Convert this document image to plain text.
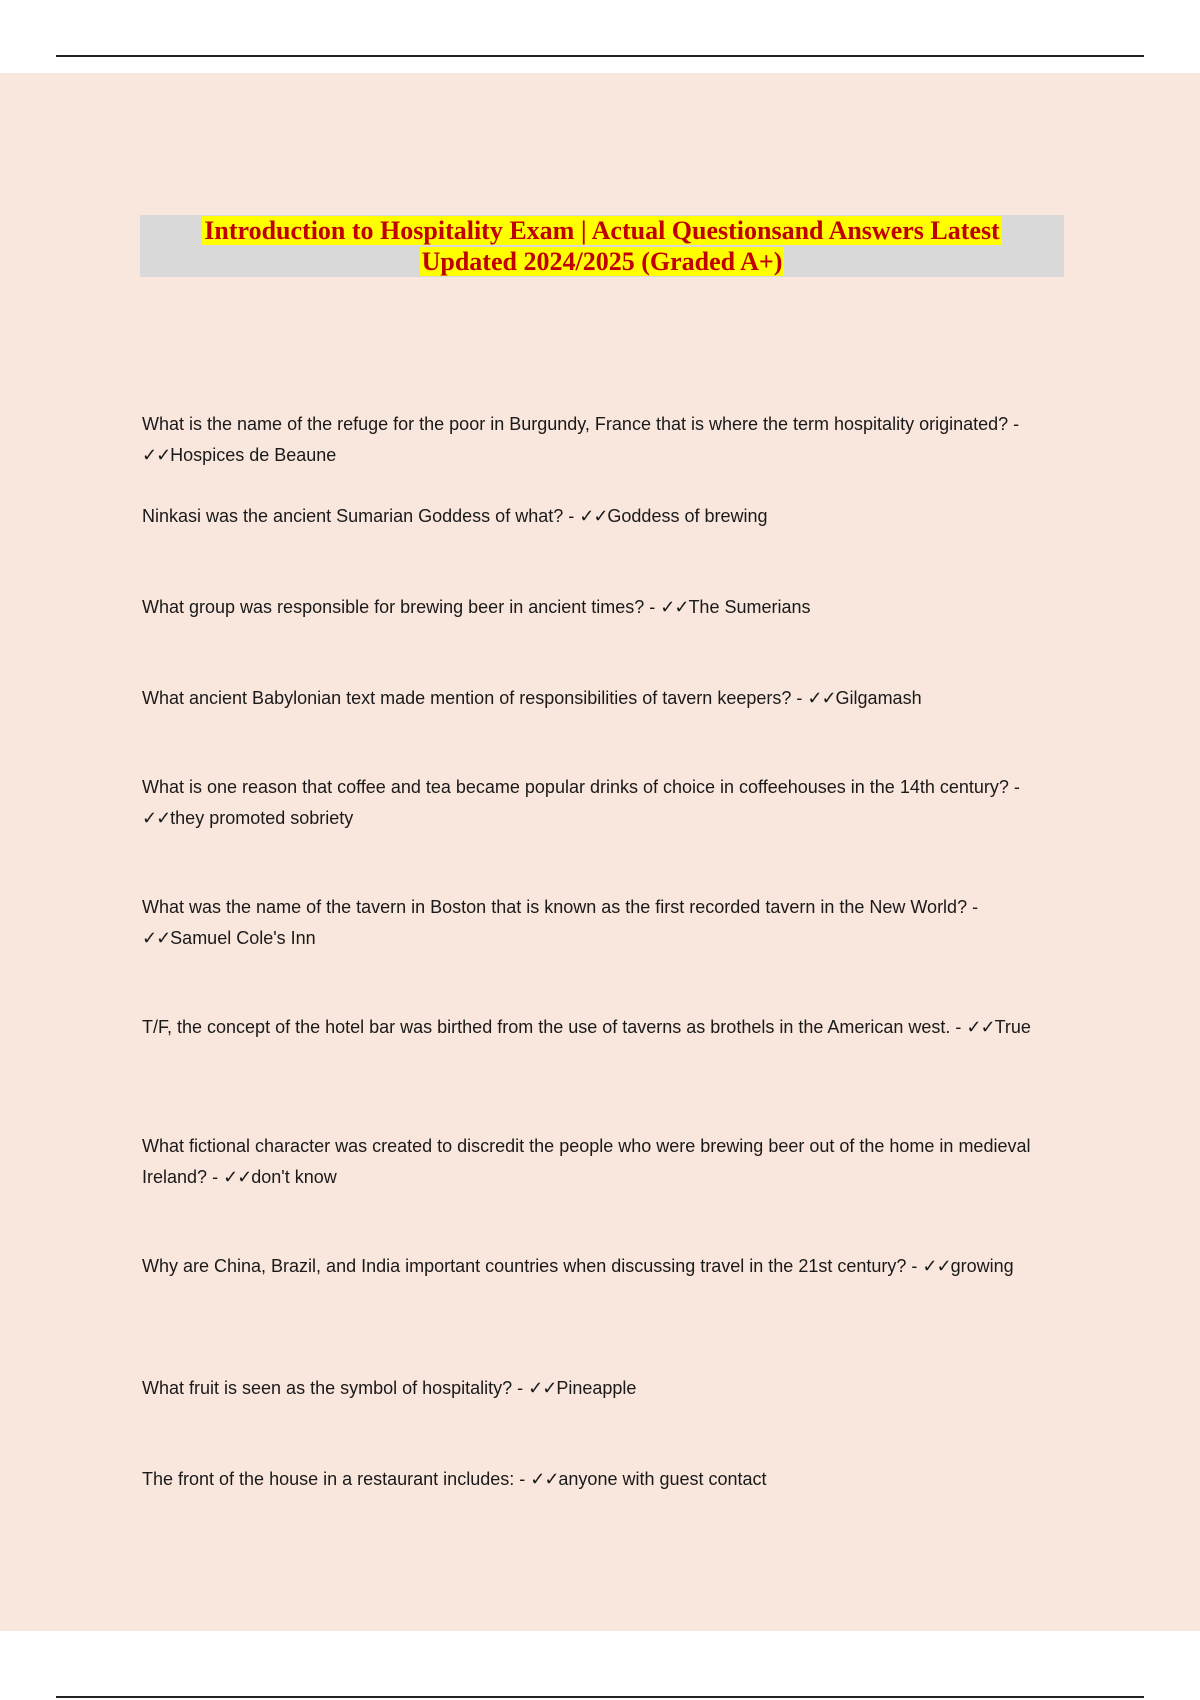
Introduction to Hospitality Exam | Actual Questionsand Answers Latest
Updated 2024/2025 (Graded A+)
What is the name of the refuge for the poor in Burgundy, France that is where the term hospitality originated? - ✓✓Hospices de Beaune
Ninkasi was the ancient Sumarian Goddess of what? - ✓✓Goddess of brewing
What group was responsible for brewing beer in ancient times? - ✓✓The Sumerians
What ancient Babylonian text made mention of responsibilities of tavern keepers? - ✓✓Gilgamash
What is one reason that coffee and tea became popular drinks of choice in coffeehouses in the 14th century? - ✓✓they promoted sobriety
What was the name of the tavern in Boston that is known as the first recorded tavern in the New World? - ✓✓Samuel Cole's Inn
T/F, the concept of the hotel bar was birthed from the use of taverns as brothels in the American west. - ✓✓True
What fictional character was created to discredit the people who were brewing beer out of the home in medieval Ireland? - ✓✓don't know
Why are China, Brazil, and India important countries when discussing travel in the 21st century? - ✓✓growing
What fruit is seen as the symbol of hospitality? - ✓✓Pineapple
The front of the house in a restaurant includes: - ✓✓anyone with guest contact
